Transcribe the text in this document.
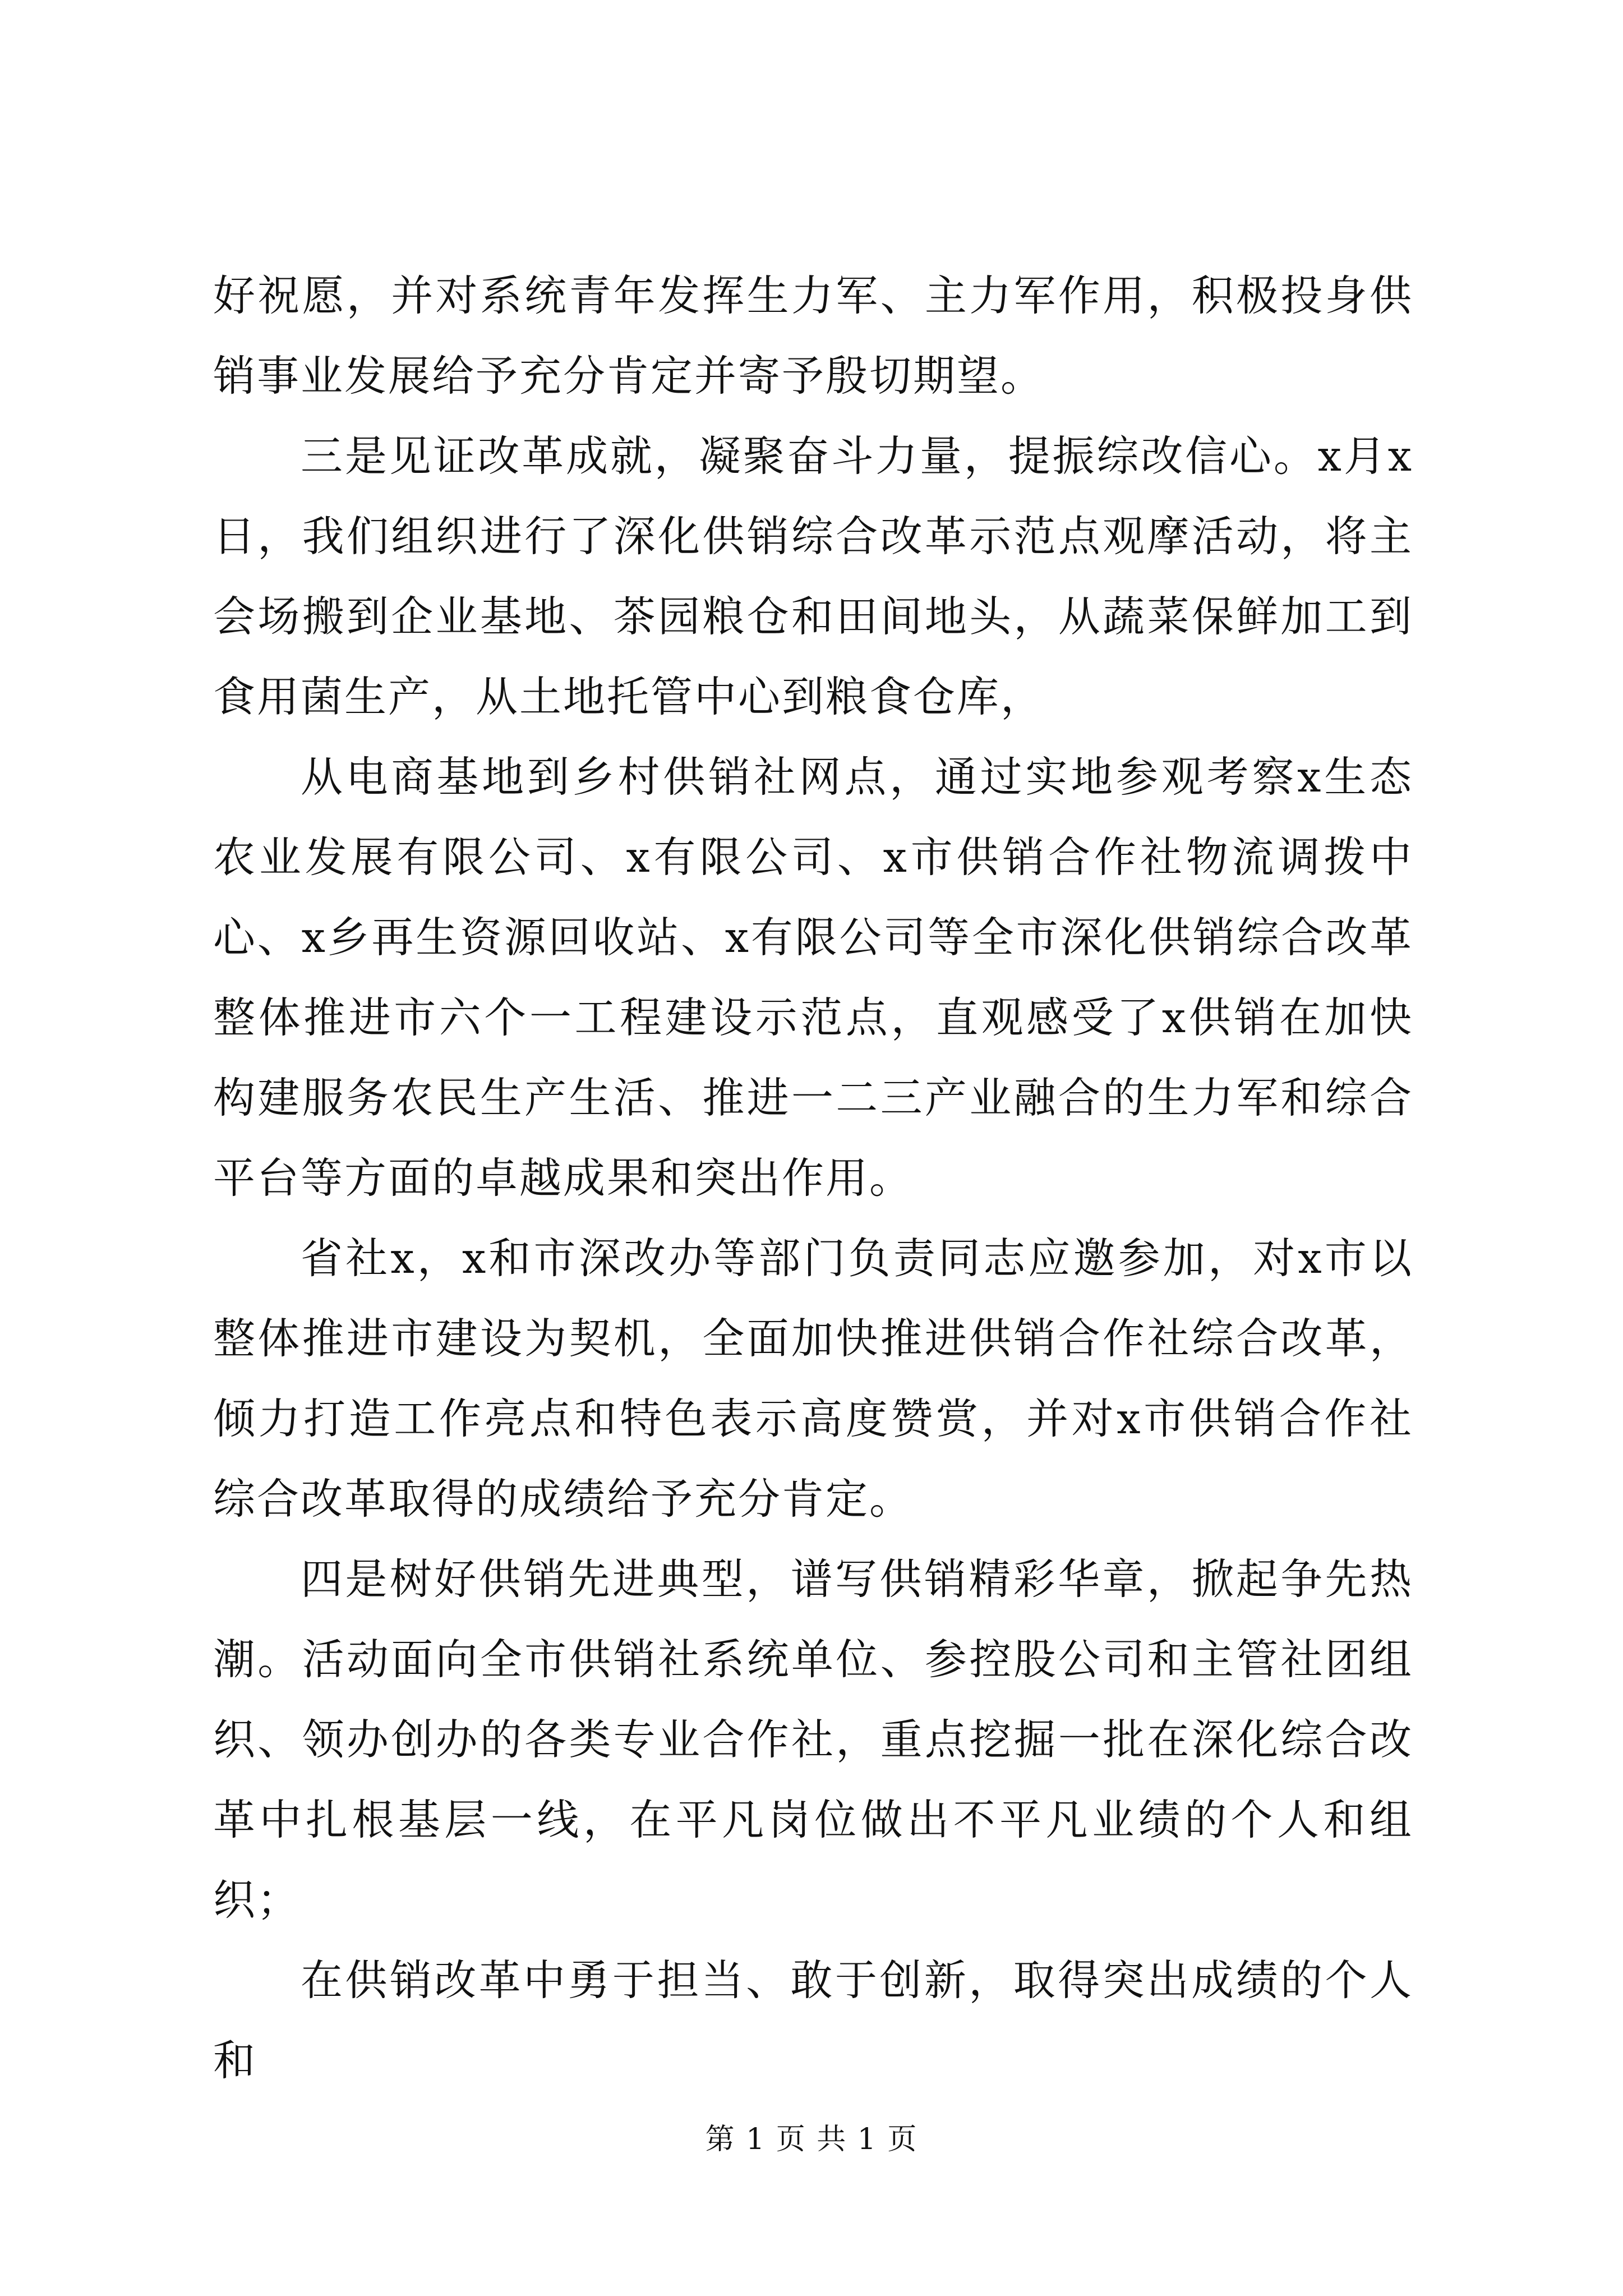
好祝愿，并对系统青年发挥生力军、主力军作用，积极投身供销事业发展给予充分肯定并寄予殷切期望。

三是见证改革成就，凝聚奋斗力量，提振综改信心。x月x日，我们组织进行了深化供销综合改革示范点观摩活动，将主会场搬到企业基地、茶园粮仓和田间地头，从蔬菜保鲜加工到食用菌生产，从土地托管中心到粮食仓库，

从电商基地到乡村供销社网点，通过实地参观考察x生态农业发展有限公司、x有限公司、x市供销合作社物流调拨中心、x乡再生资源回收站、x有限公司等全市深化供销综合改革整体推进市六个一工程建设示范点，直观感受了x供销在加快构建服务农民生产生活、推进一二三产业融合的生力军和综合平台等方面的卓越成果和突出作用。

省社x，x和市深改办等部门负责同志应邀参加，对x市以整体推进市建设为契机，全面加快推进供销合作社综合改革，倾力打造工作亮点和特色表示高度赞赏，并对x市供销合作社综合改革取得的成绩给予充分肯定。

四是树好供销先进典型，谱写供销精彩华章，掀起争先热潮。活动面向全市供销社系统单位、参控股公司和主管社团组织、领办创办的各类专业合作社，重点挖掘一批在深化综合改革中扎根基层一线，在平凡岗位做出不平凡业绩的个人和组织；

在供销改革中勇于担当、敢于创新，取得突出成绩的个人和

第 1 页 共 1 页
